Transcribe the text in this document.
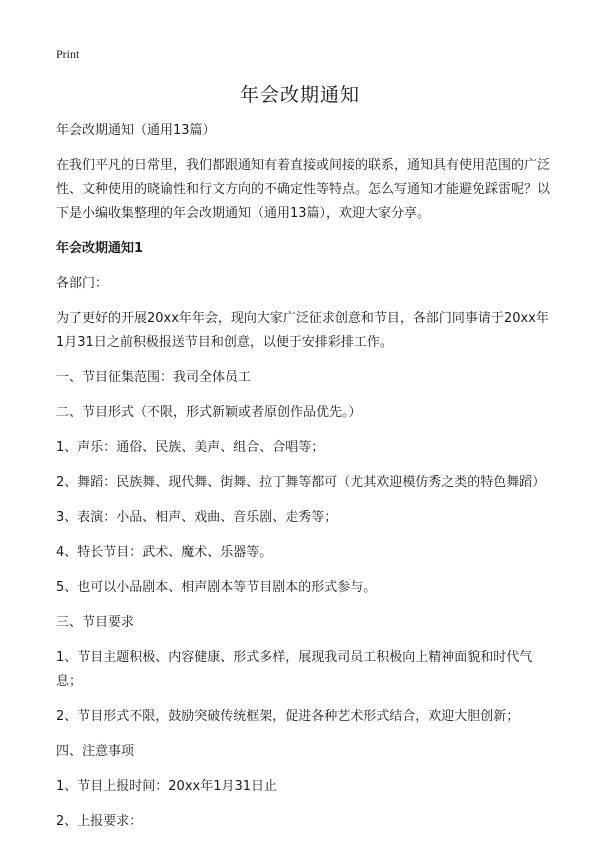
Print
年会改期通知

年会改期通知（通用13篇）

在我们平凡的日常里，我们都跟通知有着直接或间接的联系，通知具有使用范围的广泛性、文种使用的晓谕性和行文方向的不确定性等特点。怎么写通知才能避免踩雷呢？以下是小编收集整理的年会改期通知（通用13篇），欢迎大家分享。

年会改期通知1

各部门：

为了更好的开展20xx年年会，现向大家广泛征求创意和节目，各部门同事请于20xx年1月31日之前积极报送节目和创意，以便于安排彩排工作。

一、节目征集范围：我司全体员工

二、节目形式（不限，形式新颖或者原创作品优先。）

1、声乐：通俗、民族、美声、组合、合唱等；

2、舞蹈：民族舞、现代舞、街舞、拉丁舞等都可（尤其欢迎模仿秀之类的特色舞蹈）

3、表演：小品、相声、戏曲、音乐剧、走秀等；

4、特长节目：武术、魔术、乐器等。

5、也可以小品剧本、相声剧本等节目剧本的形式参与。

三、节目要求

1、节目主题积极、内容健康、形式多样，展现我司员工积极向上精神面貌和时代气息；

2、节目形式不限，鼓励突破传统框架，促进各种艺术形式结合，欢迎大胆创新；

四、注意事项

1、节目上报时间：20xx年1月31日止

2、上报要求：
